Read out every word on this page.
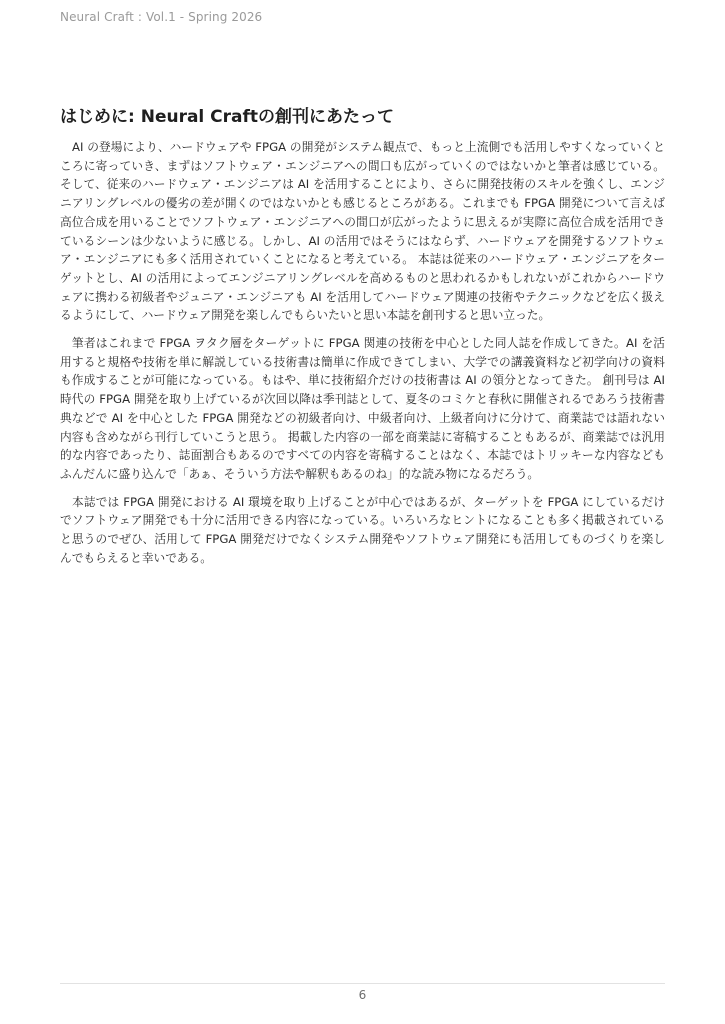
Neural Craft : Vol.1 - Spring 2026
はじめに: Neural Craftの創刊にあたって

AI の登場により、ハードウェアや FPGA の開発がシステム観点で、もっと上流側でも活用しやすくなっていくところに寄っていき、まずはソフトウェア・エンジニアへの間口も広がっていくのではないかと筆者は感じている。そして、従来のハードウェア・エンジニアは AI を活用することにより、さらに開発技術のスキルを強くし、エンジニアリングレベルの優劣の差が開くのではないかとも感じるところがある。これまでも FPGA 開発について言えば高位合成を用いることでソフトウェア・エンジニアへの間口が広がったように思えるが実際に高位合成を活用できているシーンは少ないように感じる。しかし、AI の活用ではそうにはならず、ハードウェアを開発するソフトウェア・エンジニアにも多く活用されていくことになると考えている。 本誌は従来のハードウェア・エンジニアをターゲットとし、AI の活用によってエンジニアリングレベルを高めるものと思われるかもしれないがこれからハードウェアに携わる初級者やジュニア・エンジニアも AI を活用してハードウェア関連の技術やテクニックなどを広く扱えるようにして、ハードウェア開発を楽しんでもらいたいと思い本誌を創刊すると思い立った。

筆者はこれまで FPGA ヲタク層をターゲットに FPGA 関連の技術を中心とした同人誌を作成してきた。AI を活用すると規格や技術を単に解説している技術書は簡単に作成できてしまい、大学での講義資料など初学向けの資料も作成することが可能になっている。もはや、単に技術紹介だけの技術書は AI の領分となってきた。 創刊号は AI 時代の FPGA 開発を取り上げているが次回以降は季刊誌として、夏冬のコミケと春秋に開催されるであろう技術書典などで AI を中心とした FPGA 開発などの初級者向け、中級者向け、上級者向けに分けて、商業誌では語れない内容も含めながら刊行していこうと思う。 掲載した内容の一部を商業誌に寄稿することもあるが、商業誌では汎用的な内容であったり、誌面割合もあるのですべての内容を寄稿することはなく、本誌ではトリッキーな内容などもふんだんに盛り込んで「あぁ、そういう方法や解釈もあるのね」的な読み物になるだろう。

本誌では FPGA 開発における AI 環境を取り上げることが中心ではあるが、ターゲットを FPGA にしているだけでソフトウェア開発でも十分に活用できる内容になっている。いろいろなヒントになることも多く掲載されていると思うのでぜひ、活用して FPGA 開発だけでなくシステム開発やソフトウェア開発にも活用してものづくりを楽しんでもらえると幸いである。

6
